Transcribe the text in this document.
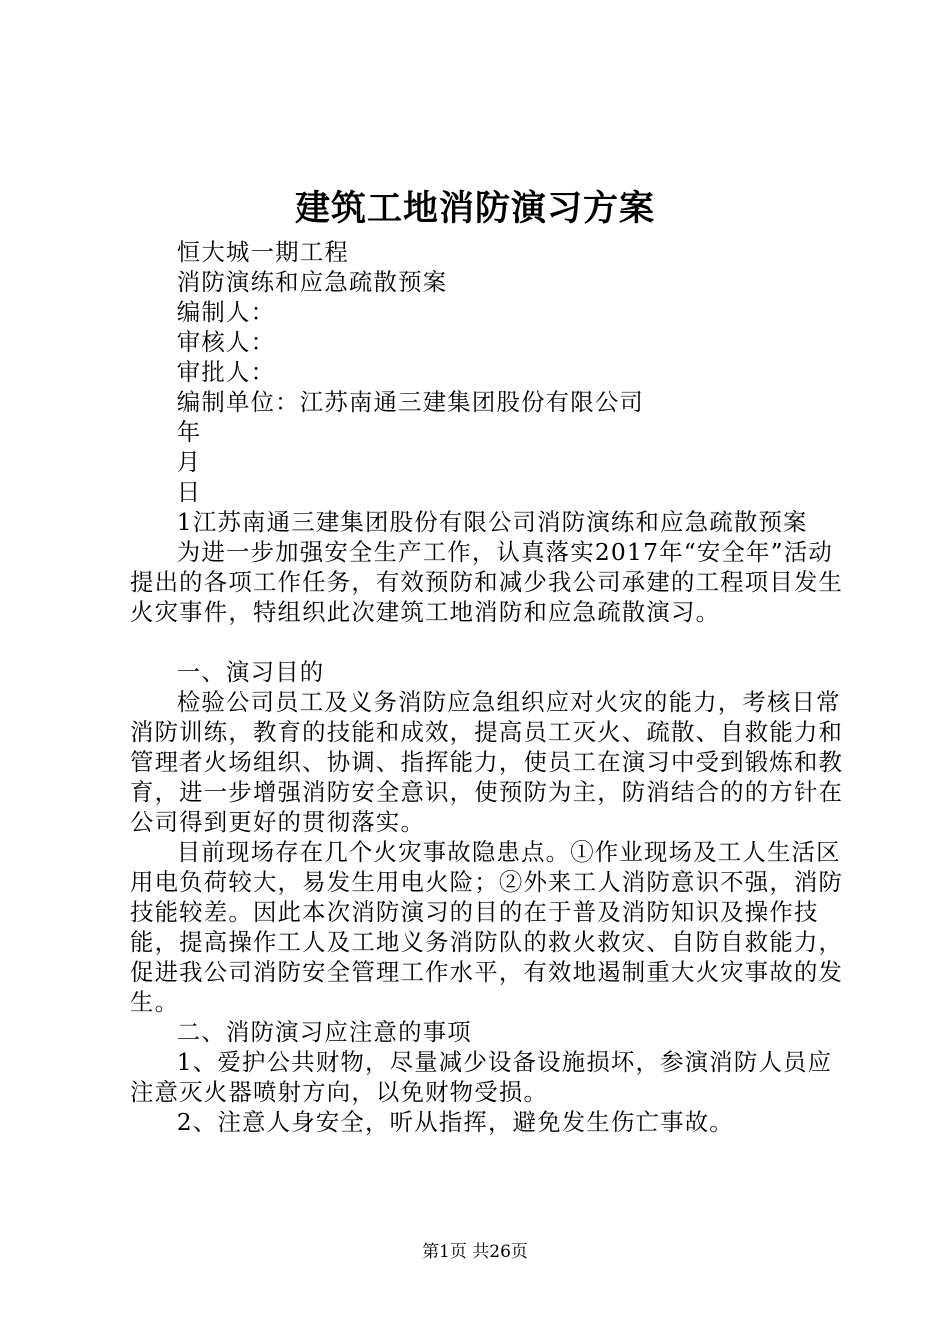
建筑工地消防演习方案

恒大城一期工程

消防演练和应急疏散预案

编制人：

审核人：

审批人：

编制单位：江苏南通三建集团股份有限公司

年

月

日

1江苏南通三建集团股份有限公司消防演练和应急疏散预案

为进一步加强安全生产工作，认真落实2017年“安全年”活动提出的各项工作任务，有效预防和减少我公司承建的工程项目发生火灾事件，特组织此次建筑工地消防和应急疏散演习。

一、演习目的

检验公司员工及义务消防应急组织应对火灾的能力，考核日常消防训练，教育的技能和成效，提高员工灭火、疏散、自救能力和管理者火场组织、协调、指挥能力，使员工在演习中受到锻炼和教育，进一步增强消防安全意识，使预防为主，防消结合的的方针在公司得到更好的贯彻落实。

目前现场存在几个火灾事故隐患点。①作业现场及工人生活区用电负荷较大，易发生用电火险；②外来工人消防意识不强，消防技能较差。因此本次消防演习的目的在于普及消防知识及操作技能，提高操作工人及工地义务消防队的救火救灾、自防自救能力，促进我公司消防安全管理工作水平，有效地遏制重大火灾事故的发生。

二、消防演习应注意的事项

1、爱护公共财物，尽量减少设备设施损坏，参演消防人员应注意灭火器喷射方向，以免财物受损。

2、注意人身安全，听从指挥，避免发生伤亡事故。

第1页 共26页
